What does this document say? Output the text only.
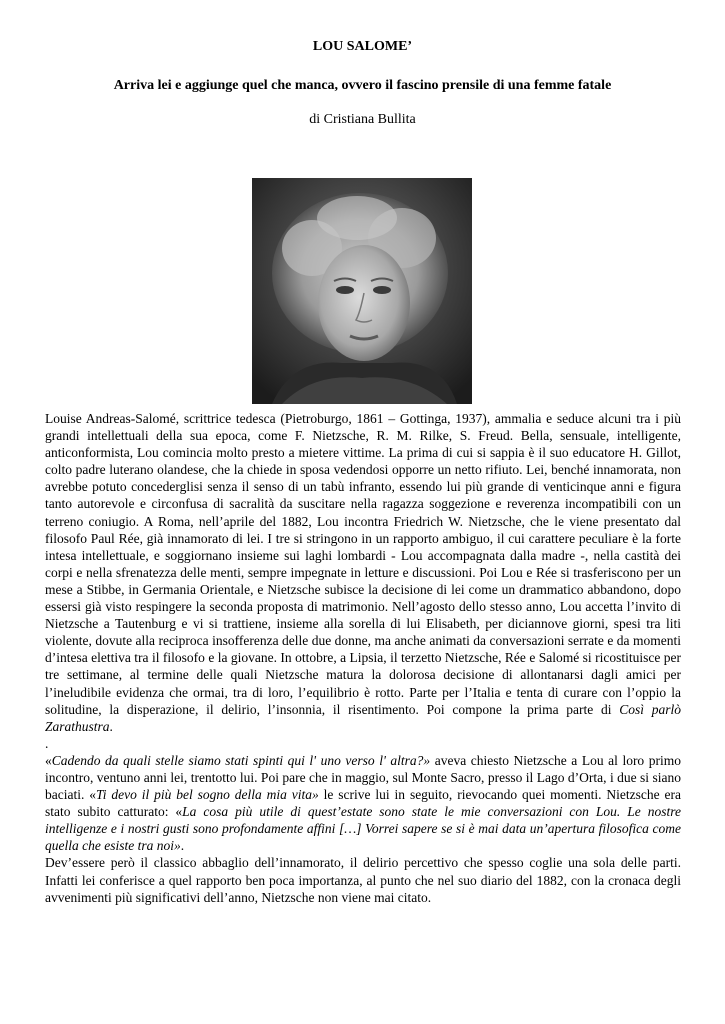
LOU SALOME’
Arriva lei e aggiunge quel che manca, ovvero il fascino prensile di una femme fatale
di Cristiana Bullita

Louise Andreas-Salomé, scrittrice tedesca (Pietroburgo, 1861 – Gottinga, 1937), ammalia e seduce alcuni tra i più grandi intellettuali della sua epoca, come F. Nietzsche, R. M. Rilke, S. Freud. Bella, sensuale, intelligente, anticonformista, Lou comincia molto presto a mietere vittime. La prima di cui si sappia è il suo educatore H. Gillot, colto padre luterano olandese, che la chiede in sposa vedendosi opporre un netto rifiuto. Lei, benché innamorata, non avrebbe potuto concederglisi senza il senso di un tabù infranto, essendo lui più grande di venticinque anni e figura tanto autorevole e circonfusa di sacralità da suscitare nella ragazza soggezione e reverenza incompatibili con un terreno coniugio. A Roma, nell’aprile del 1882, Lou incontra Friedrich W. Nietzsche, che le viene presentato dal filosofo Paul Rée, già innamorato di lei. I tre si stringono in un rapporto ambiguo, il cui carattere peculiare è la forte intesa intellettuale, e soggiornano insieme sui laghi lombardi - Lou accompagnata dalla madre -, nella castità dei corpi e nella sfrenatezza delle menti, sempre impegnate in letture e discussioni. Poi Lou e Rée si trasferiscono per un mese a Stibbe, in Germania Orientale, e Nietzsche subisce la decisione di lei come un drammatico abbandono, dopo essersi già visto respingere la seconda proposta di matrimonio. Nell’agosto dello stesso anno, Lou accetta l’invito di Nietzsche a Tautenburg e vi si trattiene, insieme alla sorella di lui Elisabeth, per diciannove giorni, spesi tra liti violente, dovute alla reciproca insofferenza delle due donne, ma anche animati da conversazioni serrate e da momenti d’intesa elettiva tra il filosofo e la giovane. In ottobre, a Lipsia, il terzetto Nietzsche, Rée e Salomé si ricostituisce per tre settimane, al termine delle quali Nietzsche matura la dolorosa decisione di allontanarsi dagli amici per l’ineludibile evidenza che ormai, tra di loro, l’equilibrio è rotto. Parte per l’Italia e tenta di curare con l’oppio la solitudine, la disperazione, il delirio, l’insonnia, il risentimento. Poi compone la prima parte di Così parlò Zarathustra.

.

«Cadendo da quali stelle siamo stati spinti qui l' uno verso l' altra?» aveva chiesto Nietzsche a Lou al loro primo incontro, ventuno anni lei, trentotto lui. Poi pare che in maggio, sul Monte Sacro, presso il Lago d’Orta, i due si siano baciati. «Ti devo il più bel sogno della mia vita» le scrive lui in seguito, rievocando quei momenti. Nietzsche era stato subito catturato: «La cosa più utile di quest’estate sono state le mie conversazioni con Lou. Le nostre intelligenze e i nostri gusti sono profondamente affini […] Vorrei sapere se si è mai data un’apertura filosofica come quella che esiste tra noi».

Dev’essere però il classico abbaglio dell’innamorato, il delirio percettivo che spesso coglie una sola delle parti. Infatti lei conferisce a quel rapporto ben poca importanza, al punto che nel suo diario del 1882, con la cronaca degli avvenimenti più significativi dell’anno, Nietzsche non viene mai citato.
